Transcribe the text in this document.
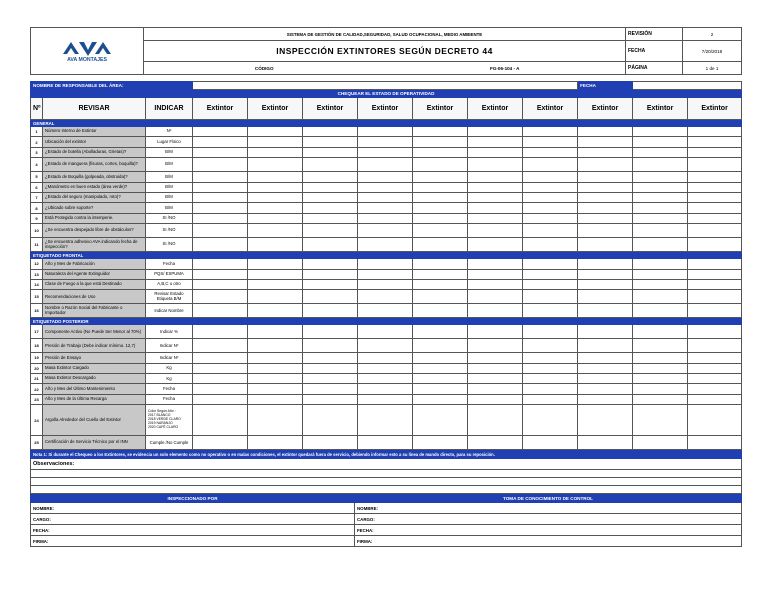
AVA MONTAJES
	SISTEMA DE GESTIÓN DE CALIDAD,SEGURIDAD, SALUD OCUPACIONAL, MEDIO AMBIENTE	REVISIÓN	2
INSPECCIÓN EXTINTORES SEGÚN DECRETO 44	FECHA	7/20/2018

CÓDIGO	FG-06-104 - A
		PÁGINA	1 de 1
NOMBRE DE RESPONSABLE DEL ÁREA:										FECHA		
CHEQUEAR EL ESTADO DE OPERATIVIDAD												
Nº	REVISAR	INDICAR	Extintor	Extintor	Extintor	Extintor	Extintor	Extintor	Extintor	Extintor	Extintor	Extintor
GENERAL												
1	Número Interno de Extintor	Nº										
2	Ubicación del extintor	Lugar Físico										
3	¿Estado de botella (Abolladuras, Grietas)?	B/M										
4	¿Estado de manguera (fisuras, cortes, boquilla)?	B/M										
5	¿Estado de Boquilla (golpeada, obstruida)?	B/M										
6	¿Manómetro en buen estado (área verde)?	B/M										
7	¿Estado del seguro (manipulado, roto)?	B/M										
8	¿Ubicado sobre soporte?	B/M										
9	Está Protegido contra la intemperie.	SI /NO										
10	¿Se encuentra despejado libre de obstáculos?	SI /NO										
11	¿Se encuentra adhesivo AVA indicando fecha de inspección?	SI /NO										
ETIQUETADO FRONTAL												
12	Año y Mes de Fabricación	Fecha										
13	Naturaleza del Agente Extinguidor	PQS/ ESPUMA										
14	Clase de Fuego a la que está Destinado	A,B,C u otro										
15	Recomendaciones de Uso	Revisar Estado Etiqueta B/M										
16	Nombre o Razón Social del Fabricante o Importador	Indicar Nombre										
ETIQUETADO POSTERIOR												
17	Componente Activo (No Puede Ser Menor al 70%)	Indicar %										
18	Presión de Trabajo (Debe indicar mínimo. 12,7)	Indicar Nº										
19	Presión de Ensayo	Indicar Nº										
20	Masa Extintor Cargado	Kg										
21	Masa Extintor Descargado	Kg										
22	Año y Mes del Último Mantenimiento	Fecha										
23	Año y Mes de la Última Recarga	Fecha										
24	Argolla Alrededor del Cuello del Extintor	Color Según Año :
2017 BLANCO
2018 VERDE CLARO
2019 NARANJO
2020 CAFÉ CLARO										
25	Certificación de Servicio Técnico por el INN	Cumple /No Cumple										
Nota 1: Si durante el Chequeo a los Extintores, se evidencia un solo elemento como no operativo o en malas condiciones, el extintor quedará fuera de servicio, debiendo informar esto a su línea de mando directo, para su reposición.	
Observaciones:	

INSPECCIONADO POR	TOMA DE CONOCIMIENTO DE CONTROL
NOMBRE:	NOMBRE:
CARGO:	CARGO:
FECHA:	FECHA:
FIRMA:	FIRMA:
